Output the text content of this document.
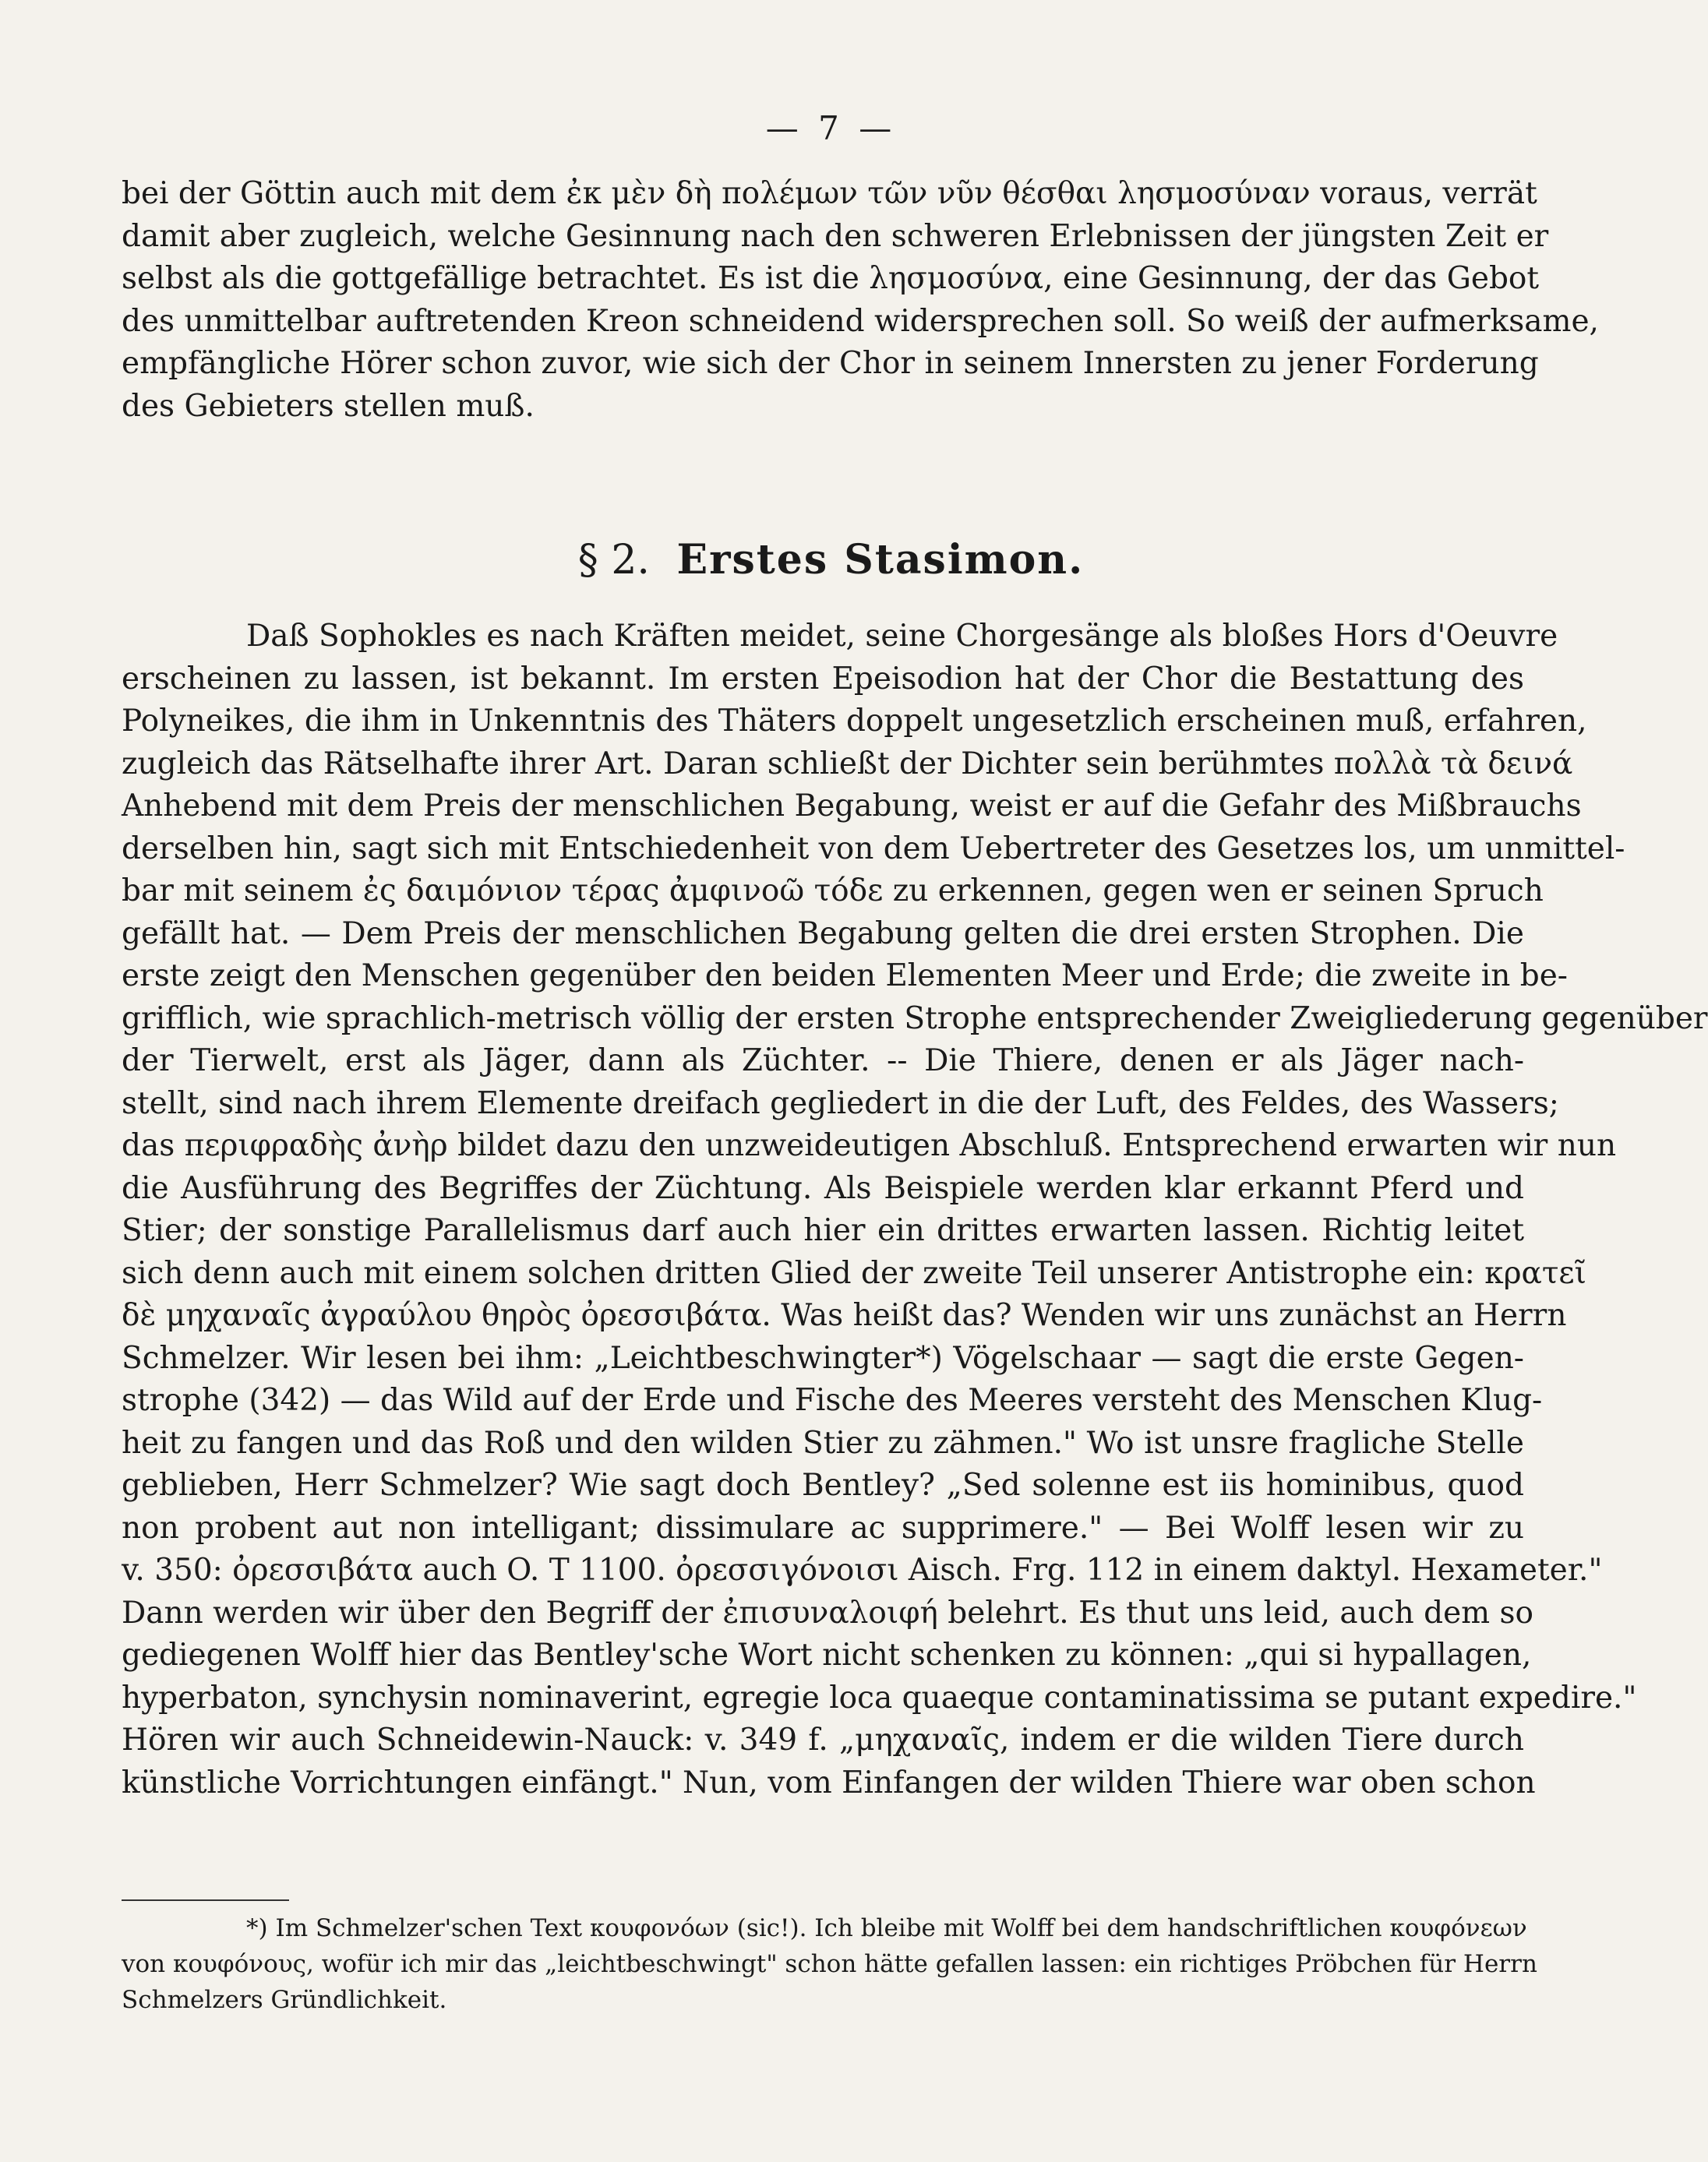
— 7 —
bei der Göttin auch mit dem ἐκ μὲν δὴ πολέμων τῶν νῦν θέσθαι λησμοσύναν voraus, verrät
damit aber zugleich, welche Gesinnung nach den schweren Erlebnissen der jüngsten Zeit er
selbst als die gottgefällige betrachtet. Es ist die λησμοσύνα, eine Gesinnung, der das Gebot
des unmittelbar auftretenden Kreon schneidend widersprechen soll. So weiß der aufmerksame,
empfängliche Hörer schon zuvor, wie sich der Chor in seinem Innersten zu jener Forderung
des Gebieters stellen muß.
§ 2. Erstes Stasimon.
Daß Sophokles es nach Kräften meidet, seine Chorgesänge als bloßes Hors d'Oeuvre
erscheinen zu lassen, ist bekannt. Im ersten Epeisodion hat der Chor die Bestattung des
Polyneikes, die ihm in Unkenntnis des Thäters doppelt ungesetzlich erscheinen muß, erfahren,
zugleich das Rätselhafte ihrer Art. Daran schließt der Dichter sein berühmtes πολλὰ τὰ δεινά
Anhebend mit dem Preis der menschlichen Begabung, weist er auf die Gefahr des Mißbrauchs
derselben hin, sagt sich mit Entschiedenheit von dem Uebertreter des Gesetzes los, um unmittel-
bar mit seinem ἐς δαιμόνιον τέρας ἀμφινοῶ τόδε zu erkennen, gegen wen er seinen Spruch
gefällt hat. — Dem Preis der menschlichen Begabung gelten die drei ersten Strophen. Die
erste zeigt den Menschen gegenüber den beiden Elementen Meer und Erde; die zweite in be-
grifflich, wie sprachlich-metrisch völlig der ersten Strophe entsprechender Zweigliederung gegenüber
der Tierwelt, erst als Jäger, dann als Züchter. -- Die Thiere, denen er als Jäger nach-
stellt, sind nach ihrem Elemente dreifach gegliedert in die der Luft, des Feldes, des Wassers;
das περιφραδὴς ἀνὴρ bildet dazu den unzweideutigen Abschluß. Entsprechend erwarten wir nun
die Ausführung des Begriffes der Züchtung. Als Beispiele werden klar erkannt Pferd und
Stier; der sonstige Parallelismus darf auch hier ein drittes erwarten lassen. Richtig leitet
sich denn auch mit einem solchen dritten Glied der zweite Teil unserer Antistrophe ein: κρατεῖ
δὲ μηχαναῖς ἀγραύλου θηρὸς ὀρεσσιβάτα. Was heißt das? Wenden wir uns zunächst an Herrn
Schmelzer. Wir lesen bei ihm: „Leichtbeschwingter*) Vögelschaar — sagt die erste Gegen-
strophe (342) — das Wild auf der Erde und Fische des Meeres versteht des Menschen Klug-
heit zu fangen und das Roß und den wilden Stier zu zähmen." Wo ist unsre fragliche Stelle
geblieben, Herr Schmelzer? Wie sagt doch Bentley? „Sed solenne est iis hominibus, quod
non probent aut non intelligant; dissimulare ac supprimere." — Bei Wolff lesen wir zu
v. 350: ὀρεσσιβάτα auch O. T 1100. ὀρεσσιγόνοισι Aisch. Frg. 112 in einem daktyl. Hexameter."
Dann werden wir über den Begriff der ἐπισυναλοιφή belehrt. Es thut uns leid, auch dem so
gediegenen Wolff hier das Bentley'sche Wort nicht schenken zu können: „qui si hypallagen,
hyperbaton, synchysin nominaverint, egregie loca quaeque contaminatissima se putant expedire."
Hören wir auch Schneidewin-Nauck: v. 349 f. „μηχαναῖς, indem er die wilden Tiere durch
künstliche Vorrichtungen einfängt." Nun, vom Einfangen der wilden Thiere war oben schon
*) Im Schmelzer'schen Text κουφονόων (sic!). Ich bleibe mit Wolff bei dem handschriftlichen κουφόνεων
von κουφόνους, wofür ich mir das „leichtbeschwingt" schon hätte gefallen lassen: ein richtiges Pröbchen für Herrn
Schmelzers Gründlichkeit.
